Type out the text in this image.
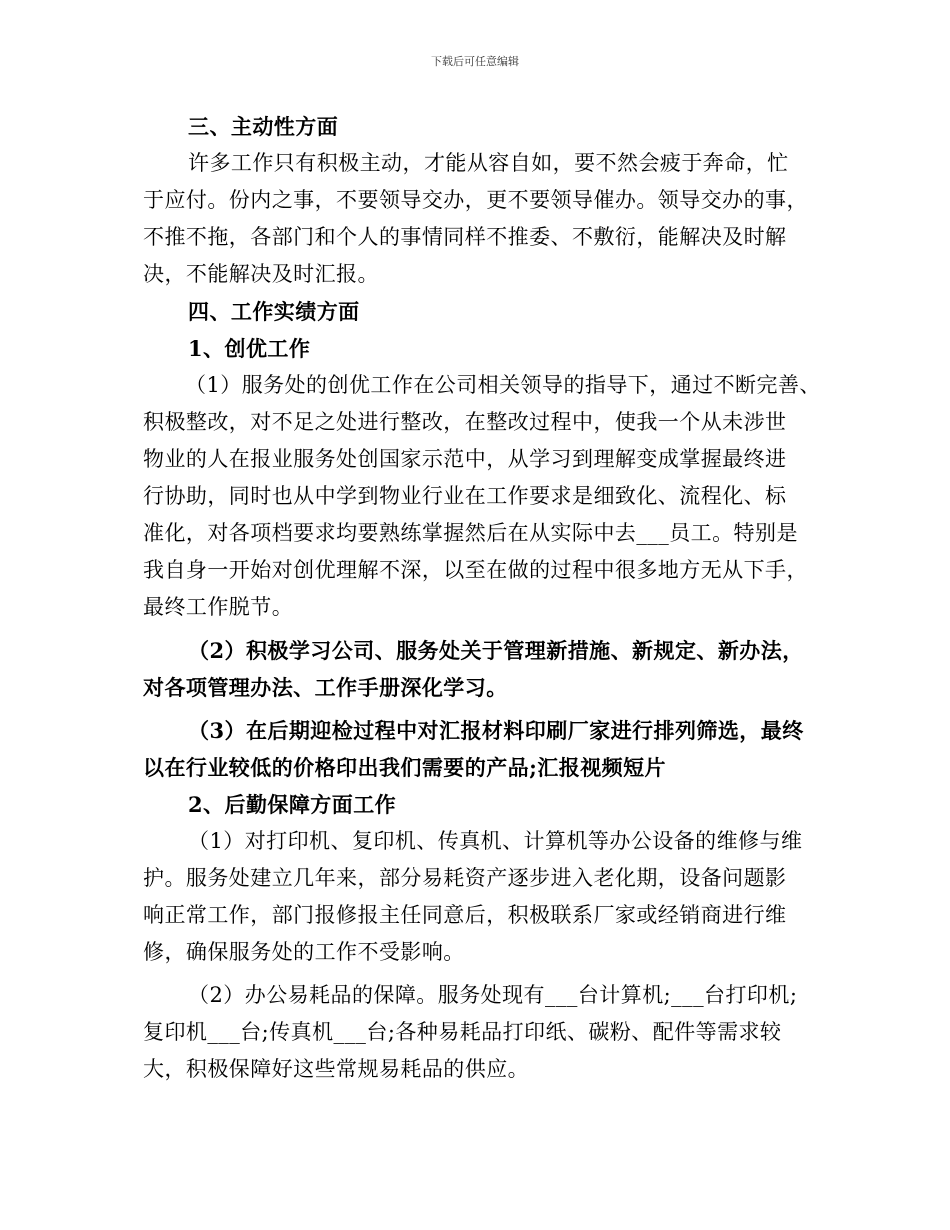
下载后可任意编辑
三、主动性方面
许多工作只有积极主动，才能从容自如，要不然会疲于奔命，忙
于应付。份内之事，不要领导交办，更不要领导催办。领导交办的事，
不推不拖，各部门和个人的事情同样不推委、不敷衍，能解决及时解
决，不能解决及时汇报。
四、工作实绩方面
1、创优工作
（1）服务处的创优工作在公司相关领导的指导下，通过不断完善、
积极整改，对不足之处进行整改，在整改过程中，使我一个从未涉世
物业的人在报业服务处创国家示范中，从学习到理解变成掌握最终进
行协助，同时也从中学到物业行业在工作要求是细致化、流程化、标
准化，对各项档要求均要熟练掌握然后在从实际中去___员工。特别是
我自身一开始对创优理解不深，以至在做的过程中很多地方无从下手，
最终工作脱节。
（2）积极学习公司、服务处关于管理新措施、新规定、新办法，
对各项管理办法、工作手册深化学习。
（3）在后期迎检过程中对汇报材料印刷厂家进行排列筛选，最终
以在行业较低的价格印出我们需要的产品;汇报视频短片
2、后勤保障方面工作
（1）对打印机、复印机、传真机、计算机等办公设备的维修与维
护。服务处建立几年来，部分易耗资产逐步进入老化期，设备问题影
响正常工作，部门报修报主任同意后，积极联系厂家或经销商进行维
修，确保服务处的工作不受影响。
（2）办公易耗品的保障。服务处现有___台计算机;___台打印机;
复印机___台;传真机___台;各种易耗品打印纸、碳粉、配件等需求较
大，积极保障好这些常规易耗品的供应。
